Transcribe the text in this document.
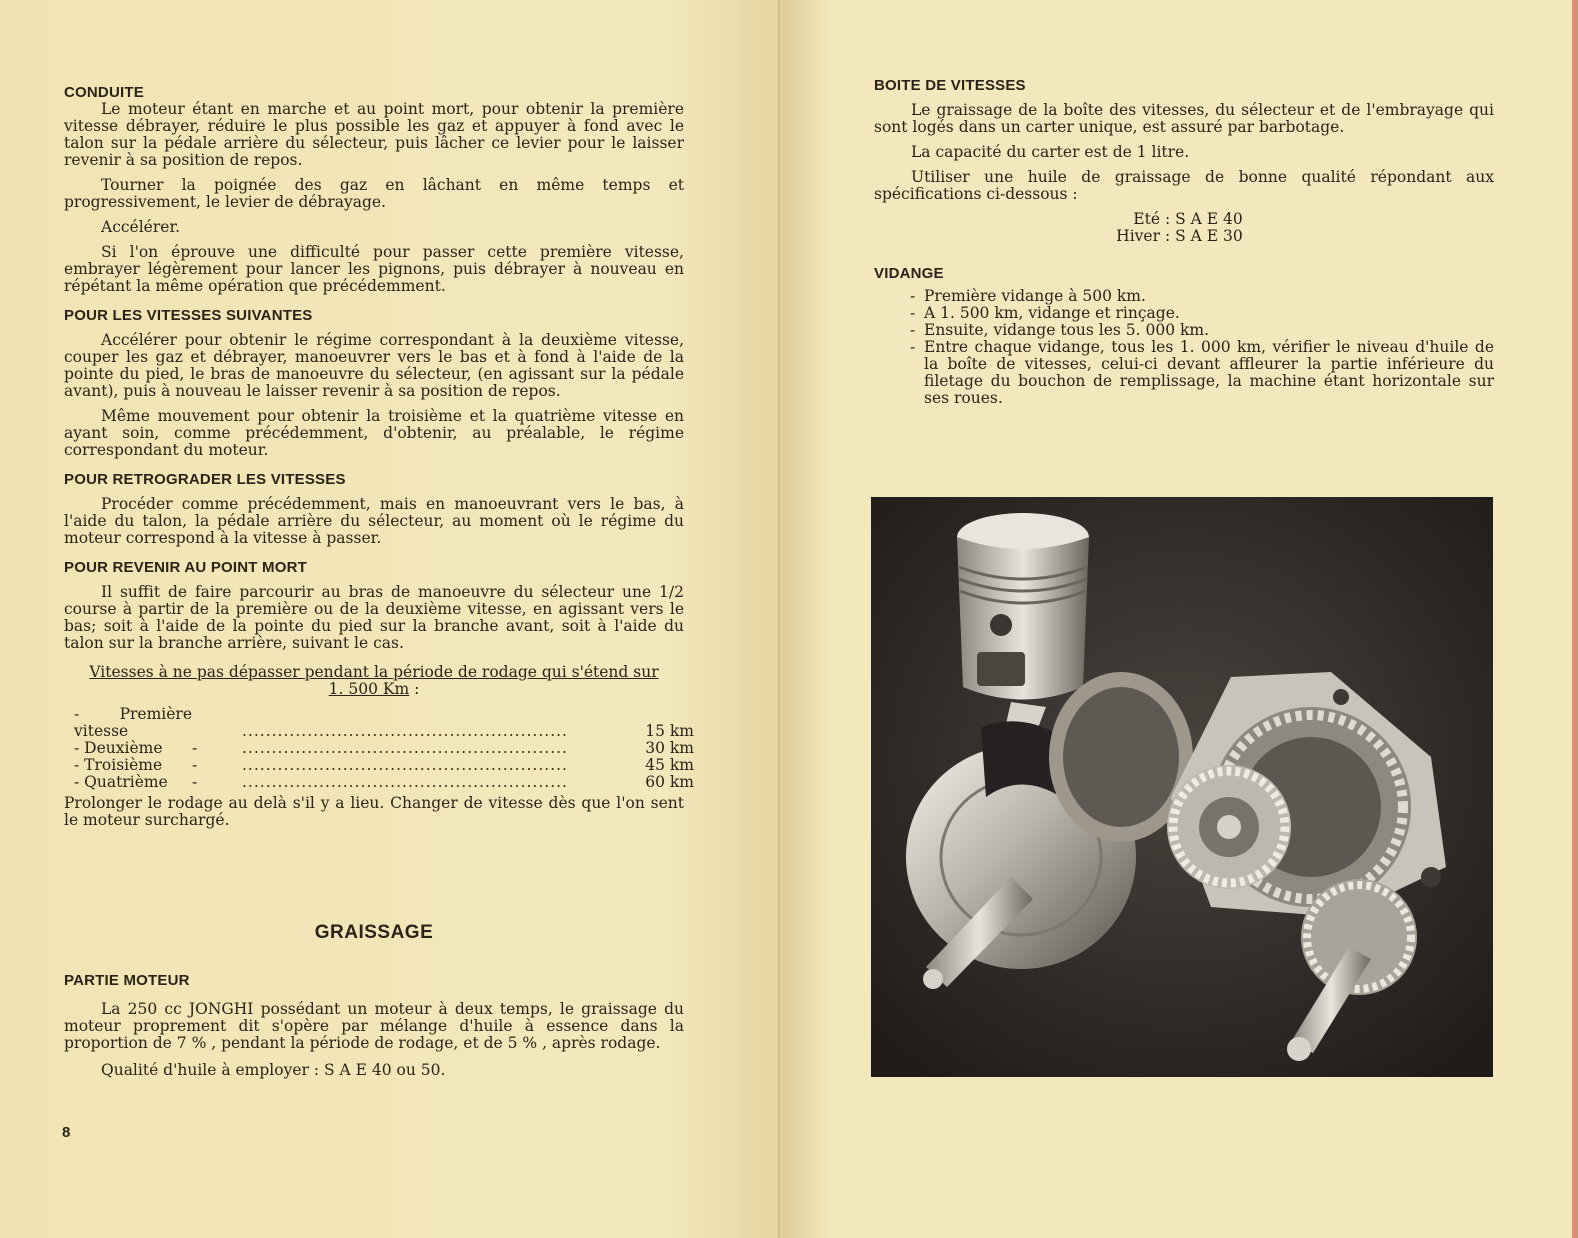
CONDUITE

Le moteur étant en marche et au point mort, pour obtenir la première vitesse débrayer, réduire le plus possible les gaz et appuyer à fond avec le talon sur la pédale arrière du sélecteur, puis lâcher ce levier pour le laisser revenir à sa position de repos.

Tourner la poignée des gaz en lâchant en même temps et progressivement, le levier de débrayage.

Accélérer.

Si l'on éprouve une difficulté pour passer cette première vitesse, embrayer légèrement pour lancer les pignons, puis débrayer à nouveau en répétant la même opération que précédemment.

POUR LES VITESSES SUIVANTES

Accélérer pour obtenir le régime correspondant à la deuxième vitesse, couper les gaz et débrayer, manoeuvrer vers le bas et à fond à l'aide de la pointe du pied, le bras de manoeuvre du sélecteur, (en agissant sur la pédale avant), puis à nouveau le laisser revenir à sa position de repos.

Même mouvement pour obtenir la troisième et la quatrième vitesse en ayant soin, comme précédemment, d'obtenir, au préalable, le régime correspondant du moteur.

POUR RETROGRADER LES VITESSES

Procéder comme précédemment, mais en manoeuvrant vers le bas, à l'aide du talon, la pédale arrière du sélecteur, au moment où le régime du moteur correspond à la vitesse à passer.

POUR REVENIR AU POINT MORT

Il suffit de faire parcourir au bras de manoeuvre du sélecteur une 1/2 course à partir de la première ou de la deuxième vitesse, en agissant vers le bas; soit à l'aide de la pointe du pied sur la branche avant, soit à l'aide du talon sur la branche arrière, suivant le cas.

Vitesses à ne pas dépasser pendant la période de rodage qui s'étend sur
1. 500 Km :
- Première vitesse		.......................................................	15 km
- Deuxième	-	.......................................................	30 km
- Troisième	-	.......................................................	45 km
- Quatrième	-	.......................................................	60 km
Prolonger le rodage au delà s'il y a lieu. Changer de vitesse dès que l'on sent le moteur surchargé.
GRAISSAGE
PARTIE MOTEUR

La 250 cc JONGHI possédant un moteur à deux temps, le graissage du moteur proprement dit s'opère par mélange d'huile à essence dans la proportion de 7 % , pendant la période de rodage, et de 5 % , après rodage.

Qualité d'huile à employer : S A E 40 ou 50.

8
BOITE DE VITESSES

Le graissage de la boîte des vitesses, du sélecteur et de l'embrayage qui sont logés dans un carter unique, est assuré par barbotage.

La capacité du carter est de 1 litre.

Utiliser une huile de graissage de bonne qualité répondant aux spécifications ci-dessous :

Eté : S A E 40
Hiver : S A E 30
VIDANGE
- Première vidange à 500 km.
- A 1. 500 km, vidange et rinçage.
- Ensuite, vidange tous les 5. 000 km.
- Entre chaque vidange, tous les 1. 000 km, vérifier le niveau d'huile de la boîte de vitesses, celui-ci devant affleurer la partie inférieure du filetage du bouchon de remplissage, la machine étant horizontale sur ses roues.
